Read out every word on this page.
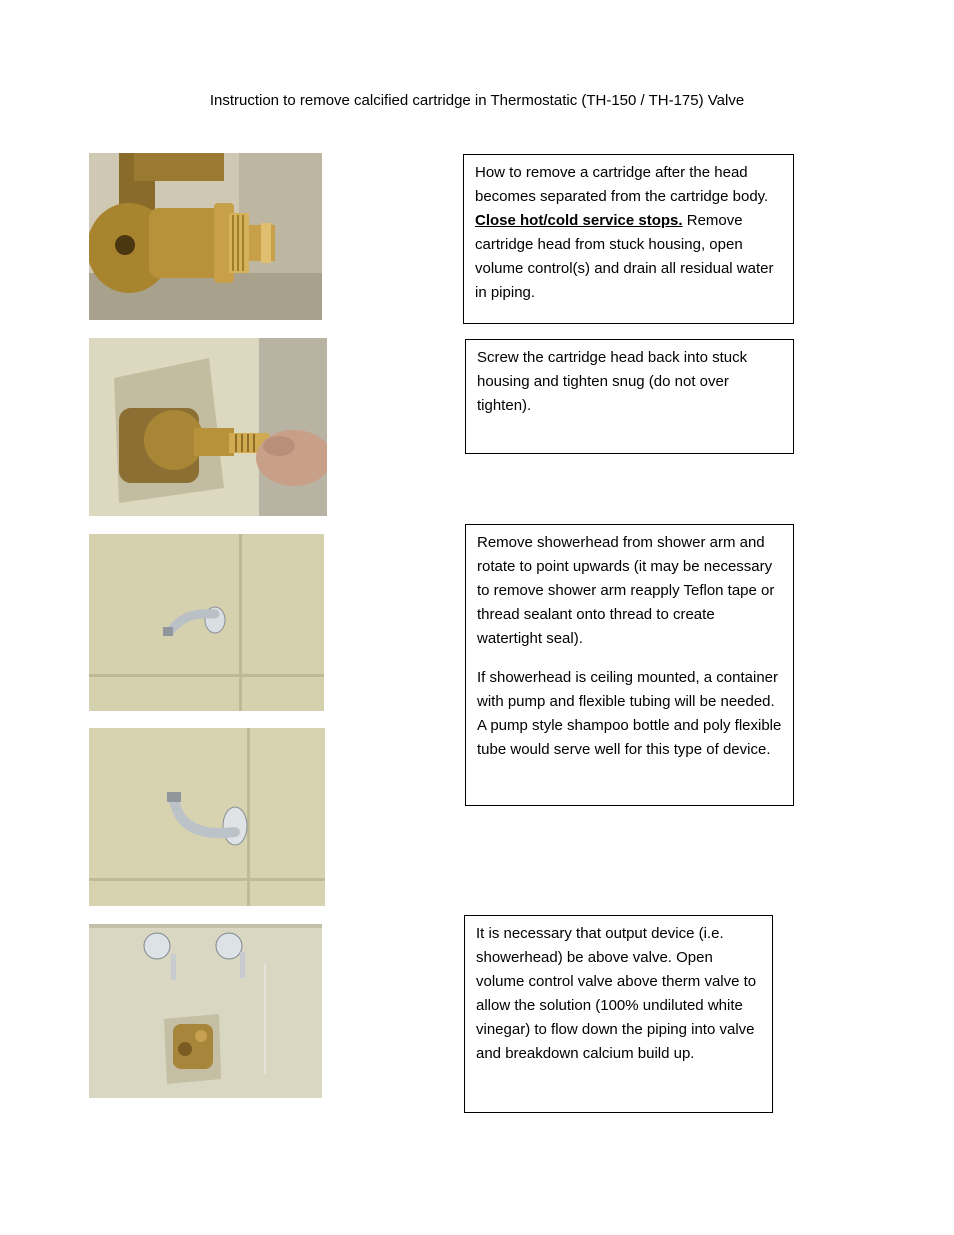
Instruction to remove calcified cartridge in Thermostatic (TH-150 / TH-175) Valve

How to remove a cartridge after the head becomes separated from the cartridge body. Close hot/cold service stops. Remove cartridge head from stuck housing, open volume control(s) and drain all residual water in piping.

Screw the cartridge head back into stuck housing and tighten snug (do not over tighten).

Remove showerhead from shower arm and rotate to point upwards (it may be necessary to remove shower arm reapply Teflon tape or thread sealant onto thread to create watertight seal).

If showerhead is ceiling mounted, a container with pump and flexible tubing will be needed. A pump style shampoo bottle and poly flexible tube would serve well for this type of device.

It is necessary that output device (i.e. showerhead) be above valve. Open volume control valve above therm valve to allow the solution (100% undiluted white vinegar) to flow down the piping into valve and breakdown calcium build up.
